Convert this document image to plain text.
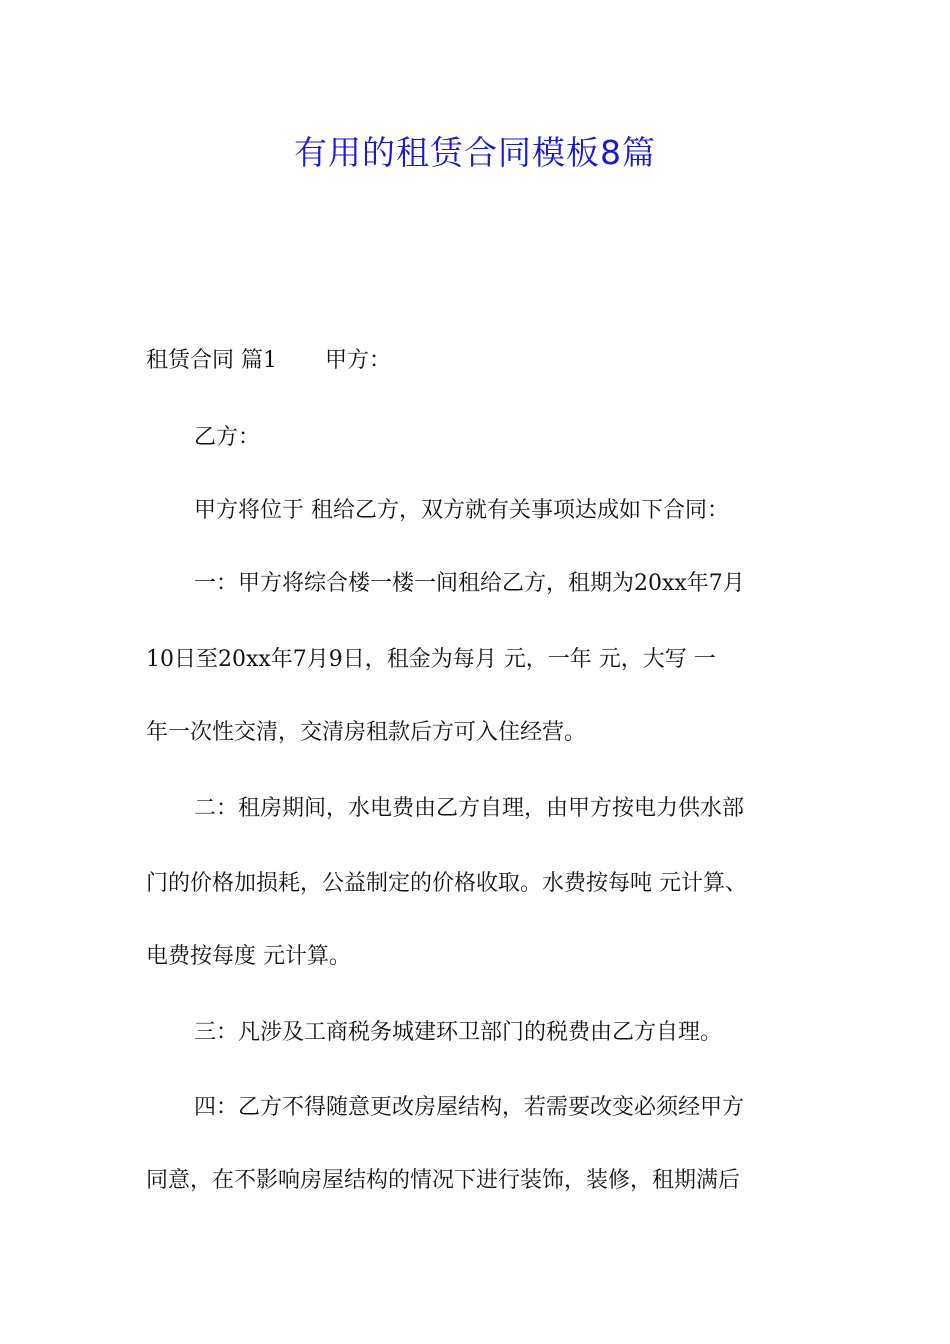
有用的租赁合同模板8篇
租赁合同 篇1 甲方：
乙方：
甲方将位于 租给乙方，双方就有关事项达成如下合同：
一：甲方将综合楼一楼一间租给乙方，租期为20xx年7月
10日至20xx年7月9日，租金为每月 元，一年 元，大写 一
年一次性交清，交清房租款后方可入住经营。
二：租房期间，水电费由乙方自理，由甲方按电力供水部
门的价格加损耗，公益制定的价格收取。水费按每吨 元计算、
电费按每度 元计算。
三：凡涉及工商税务城建环卫部门的税费由乙方自理。
四：乙方不得随意更改房屋结构，若需要改变必须经甲方
同意，在不影响房屋结构的情况下进行装饰，装修，租期满后
